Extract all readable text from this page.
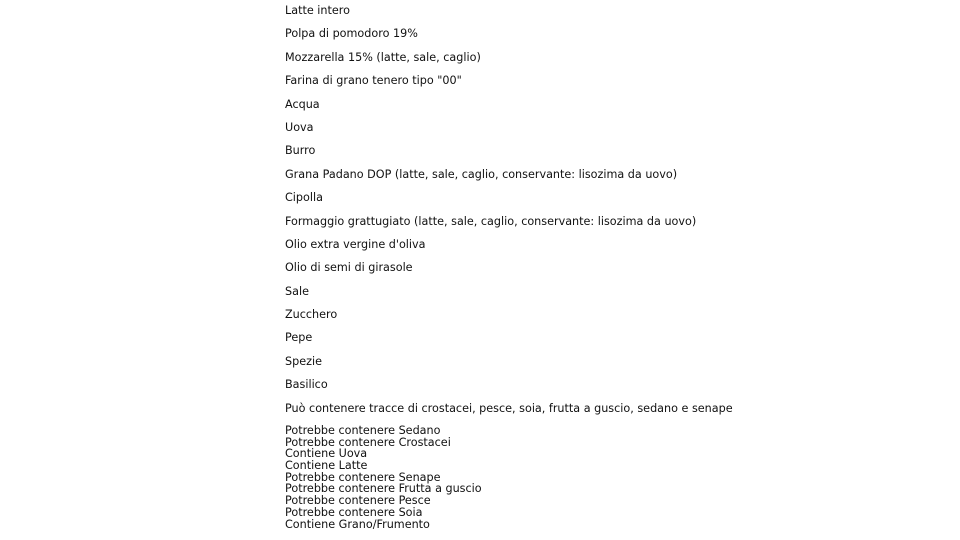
Latte intero
Polpa di pomodoro 19%
Mozzarella 15% (latte, sale, caglio)
Farina di grano tenero tipo "00"
Acqua
Uova
Burro
Grana Padano DOP (latte, sale, caglio, conservante: lisozima da uovo)
Cipolla
Formaggio grattugiato (latte, sale, caglio, conservante: lisozima da uovo)
Olio extra vergine d'oliva
Olio di semi di girasole
Sale
Zucchero
Pepe
Spezie
Basilico
Può contenere tracce di crostacei, pesce, soia, frutta a guscio, sedano e senape
Potrebbe contenere Sedano
Potrebbe contenere Crostacei
Contiene Uova
Contiene Latte
Potrebbe contenere Senape
Potrebbe contenere Frutta a guscio
Potrebbe contenere Pesce
Potrebbe contenere Soia
Contiene Grano/Frumento
